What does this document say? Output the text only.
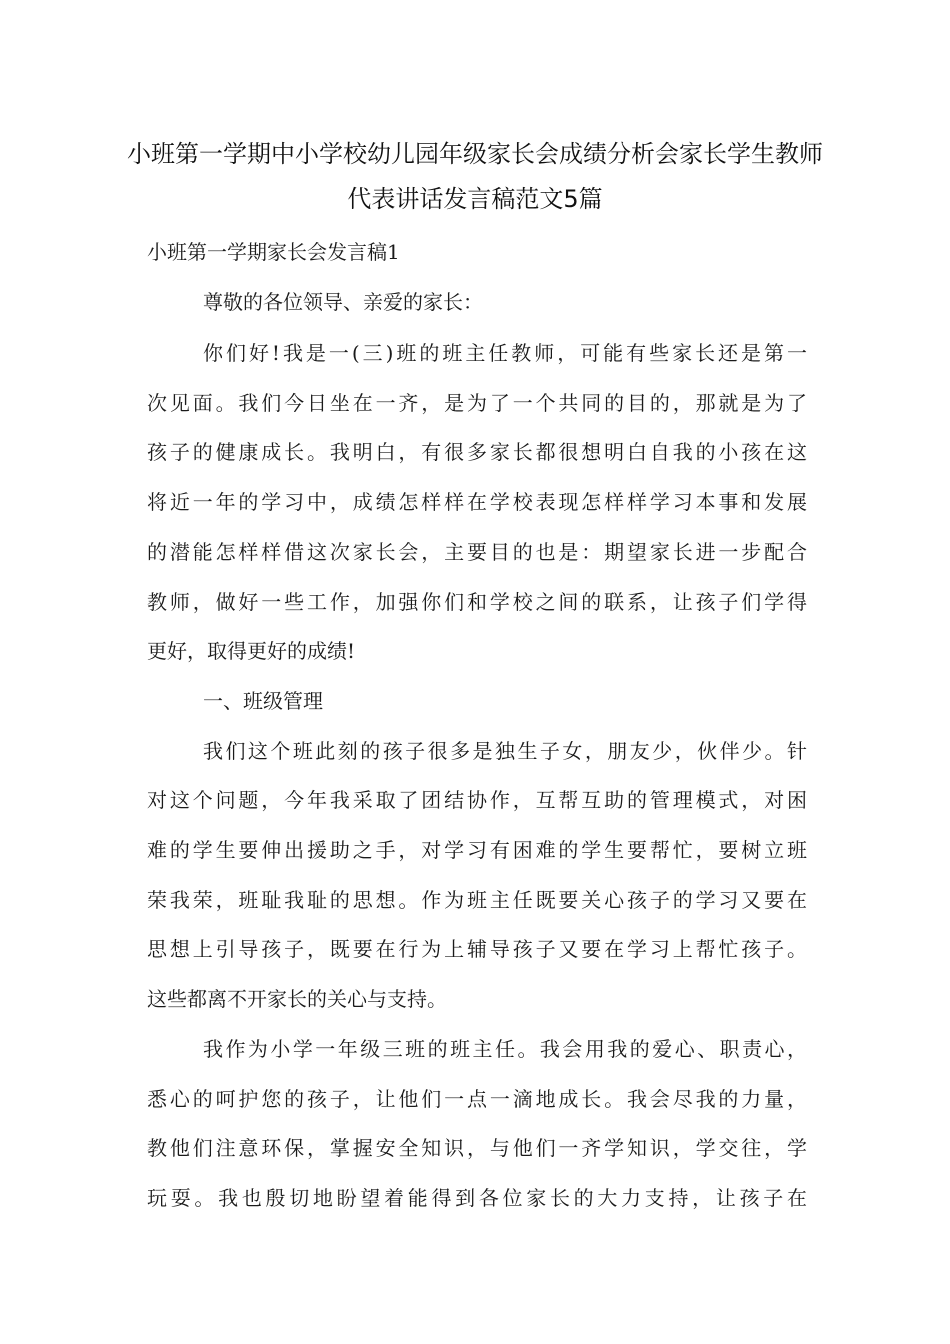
小班第一学期中小学校幼儿园年级家长会成绩分析会家长学生教师
代表讲话发言稿范文5篇
小班第一学期家长会发言稿1
尊敬的各位领导、亲爱的家长：
你们好!我是一(三)班的班主任教师，可能有些家长还是第一
次见面。我们今日坐在一齐，是为了一个共同的目的，那就是为了
孩子的健康成长。我明白，有很多家长都很想明白自我的小孩在这
将近一年的学习中，成绩怎样样在学校表现怎样样学习本事和发展
的潜能怎样样借这次家长会，主要目的也是：期望家长进一步配合
教师，做好一些工作，加强你们和学校之间的联系，让孩子们学得
更好，取得更好的成绩!
一、班级管理
我们这个班此刻的孩子很多是独生子女，朋友少，伙伴少。针
对这个问题，今年我采取了团结协作，互帮互助的管理模式，对困
难的学生要伸出援助之手，对学习有困难的学生要帮忙，要树立班
荣我荣，班耻我耻的思想。作为班主任既要关心孩子的学习又要在
思想上引导孩子，既要在行为上辅导孩子又要在学习上帮忙孩子。
这些都离不开家长的关心与支持。
我作为小学一年级三班的班主任。我会用我的爱心、职责心，
悉心的呵护您的孩子，让他们一点一滴地成长。我会尽我的力量，
教他们注意环保，掌握安全知识，与他们一齐学知识，学交往，学
玩耍。我也殷切地盼望着能得到各位家长的大力支持，让孩子在
